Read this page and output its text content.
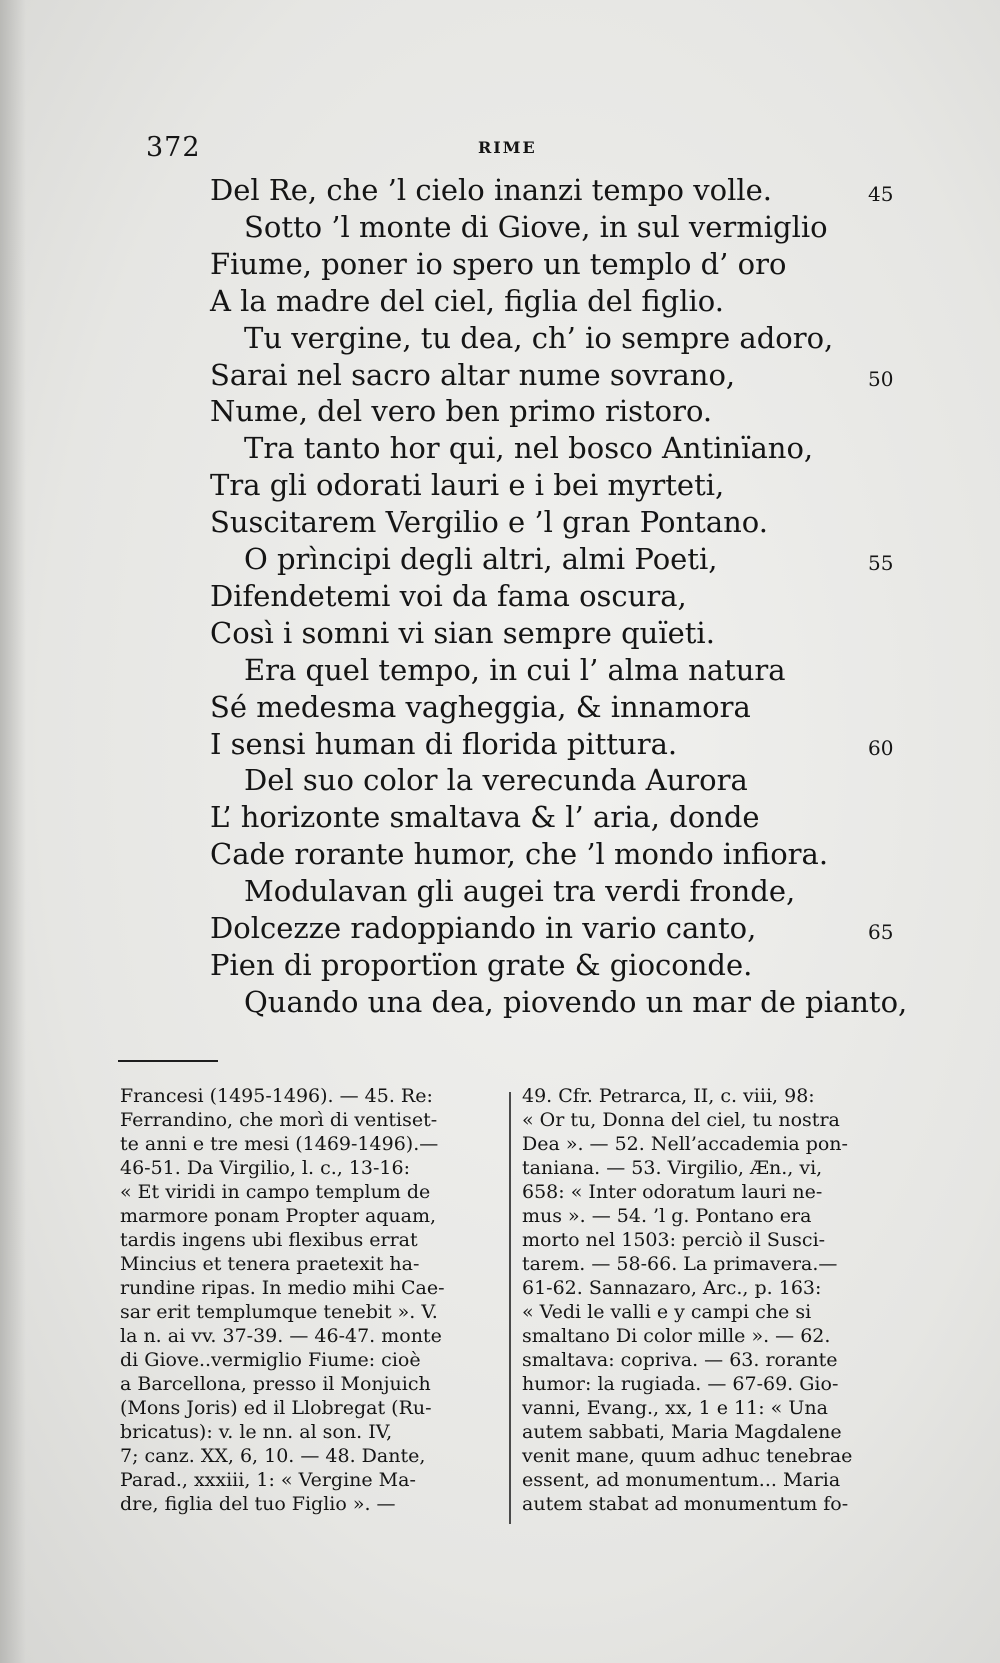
372	RIME
Del Re, che ’l cielo inanzi tempo volle.	45
Sotto ’l monte di Giove, in sul vermiglio
Fiume, poner io spero un templo d’ oro
A la madre del ciel, figlia del figlio.
Tu vergine, tu dea, ch’ io sempre adoro,
Sarai nel sacro altar nume sovrano,	50
Nume, del vero ben primo ristoro.
Tra tanto hor qui, nel bosco Antinïano,
Tra gli odorati lauri e i bei myrteti,
Suscitarem Vergilio e ’l gran Pontano.
O prìncipi degli altri, almi Poeti,	55
Difendetemi voi da fama oscura,
Così i somni vi sian sempre quïeti.
Era quel tempo, in cui l’ alma natura
Sé medesma vagheggia, & innamora
I sensi human di florida pittura.	60
Del suo color la verecunda Aurora
L’ horizonte smaltava & l’ aria, donde
Cade rorante humor, che ’l mondo infiora.
Modulavan gli augei tra verdi fronde,
Dolcezze radoppiando in vario canto,	65
Pien di proportïon grate & gioconde.
Quando una dea, piovendo un mar de pianto,
Francesi (1495-1496). — 45. Re:
Ferrandino, che morì di ventiset-
te anni e tre mesi (1469-1496).—
46-51. Da Virgilio, l. c., 13-16:
« Et viridi in campo templum de
marmore ponam Propter aquam,
tardis ingens ubi flexibus errat
Mincius et tenera praetexit ha-
rundine ripas. In medio mihi Cae-
sar erit templumque tenebit ». V.
la n. ai vv. 37-39. — 46-47. monte
di Giove..vermiglio Fiume: cioè
a Barcellona, presso il Monjuich
(Mons Joris) ed il Llobregat (Ru-
bricatus): v. le nn. al son. IV,
7; canz. XX, 6, 10. — 48. Dante,
Parad., xxxiii, 1: « Vergine Ma-
dre, figlia del tuo Figlio ». —
49. Cfr. Petrarca, II, c. viii, 98:
« Or tu, Donna del ciel, tu nostra
Dea ». — 52. Nell’accademia pon-
taniana. — 53. Virgilio, Æn., vi,
658: « Inter odoratum lauri ne-
mus ». — 54. ’l g. Pontano era
morto nel 1503: perciò il Susci-
tarem. — 58-66. La primavera.—
61-62. Sannazaro, Arc., p. 163:
« Vedi le valli e y campi che si
smaltano Di color mille ». — 62.
smaltava: copriva. — 63. rorante
humor: la rugiada. — 67-69. Gio-
vanni, Evang., xx, 1 e 11: « Una
autem sabbati, Maria Magdalene
venit mane, quum adhuc tenebrae
essent, ad monumentum... Maria
autem stabat ad monumentum fo-
